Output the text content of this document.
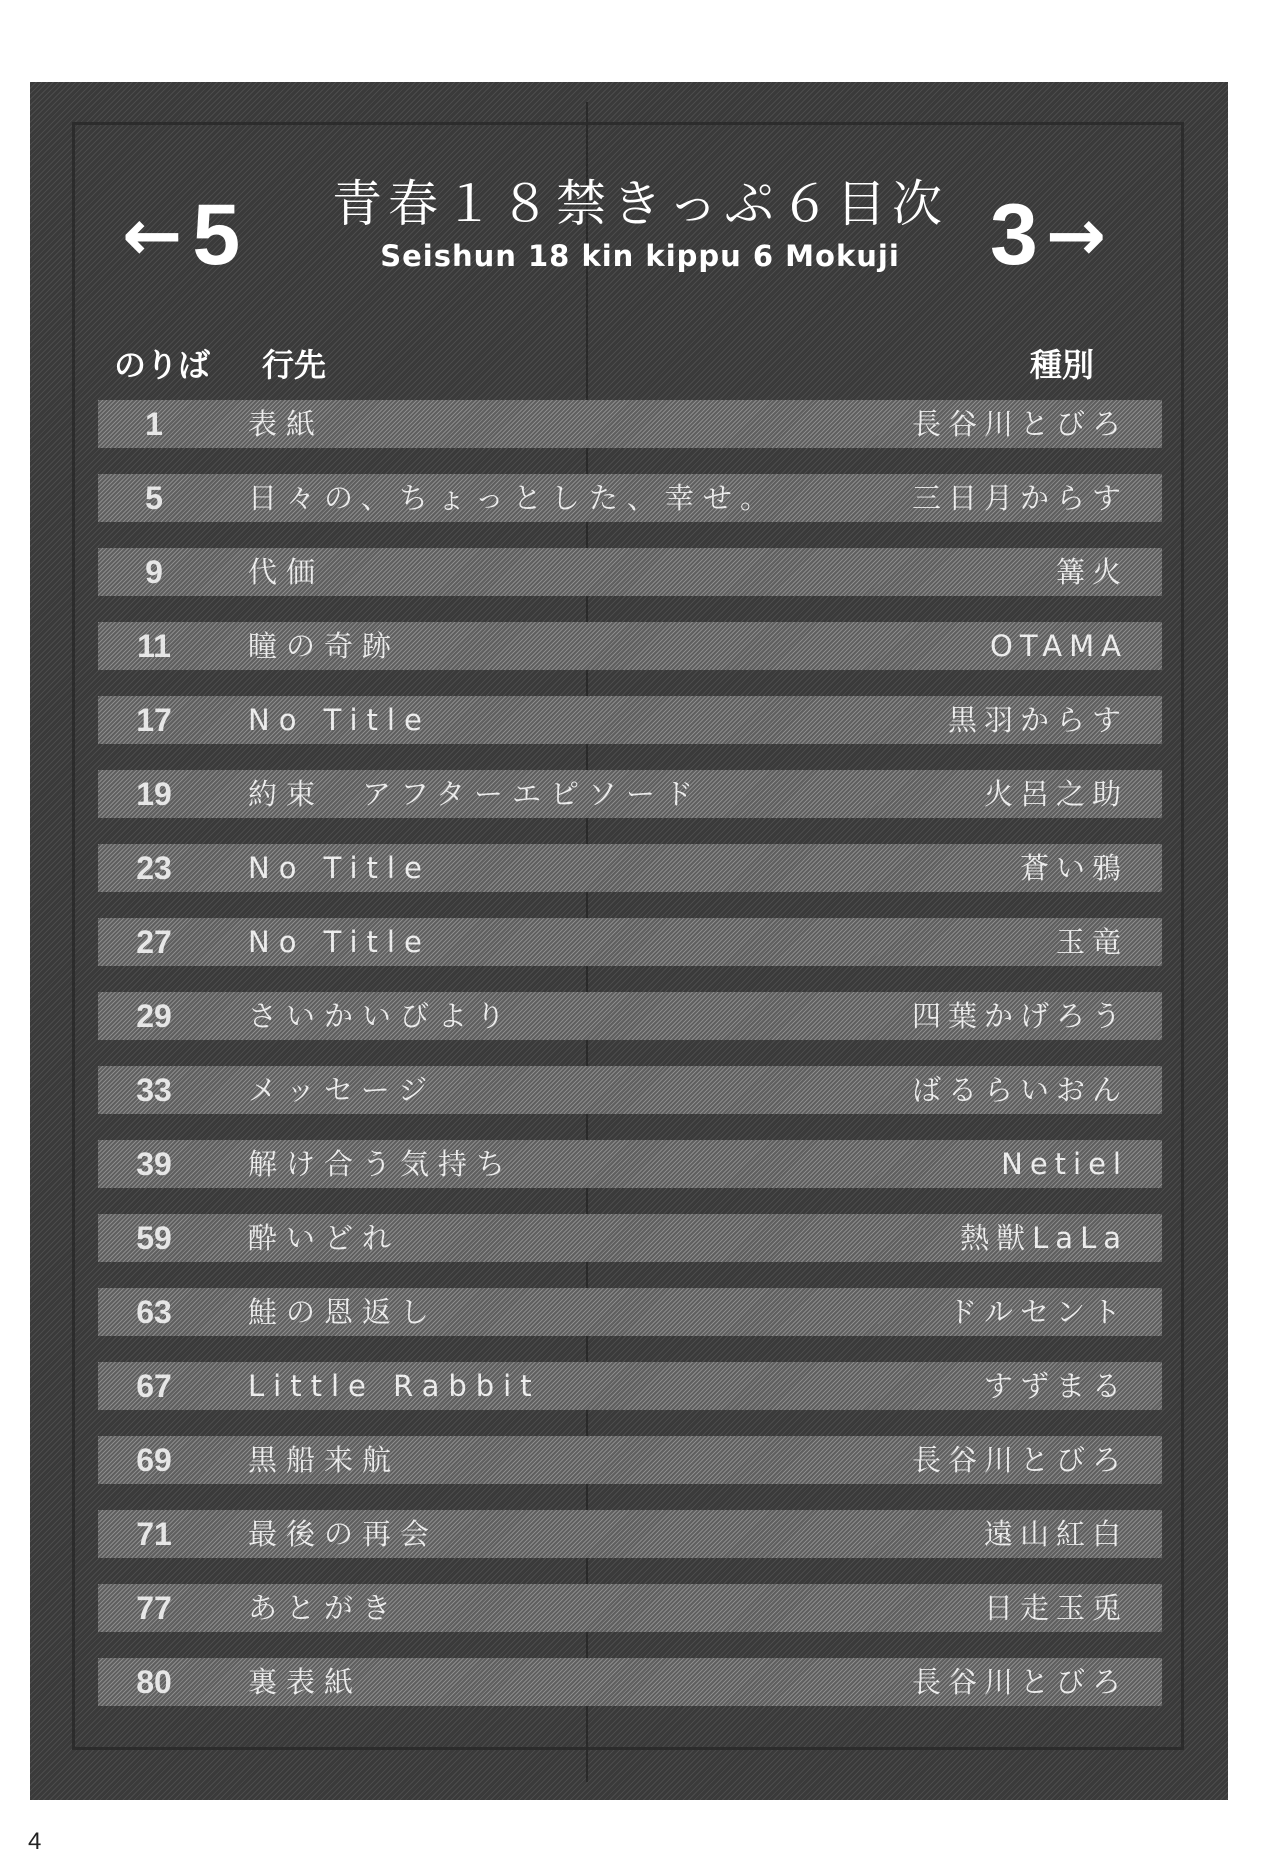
← 5	青春１８禁きっぷ６目次
Seishun 18 kin kippu 6 Mokuji	3 →
のりば 行先	種別
1	表紙	長谷川とびろ
5	日々の、ちょっとした、幸せ。	三日月からす
9	代価	篝火
11	瞳の奇跡	OTAMA
17	No Title	黒羽からす
19	約束　アフターエピソード	火呂之助
23	No Title	蒼い鴉
27	No Title	玉竜
29	さいかいびより	四葉かげろう
33	メッセージ	ばるらいおん
39	解け合う気持ち	Netiel
59	酔いどれ	熱獣LaLa
63	鮭の恩返し	ドルセント
67	Little Rabbit	すずまる
69	黒船来航	長谷川とびろ
71	最後の再会	遠山紅白
77	あとがき	日走玉兎
80	裏表紙	長谷川とびろ
4
